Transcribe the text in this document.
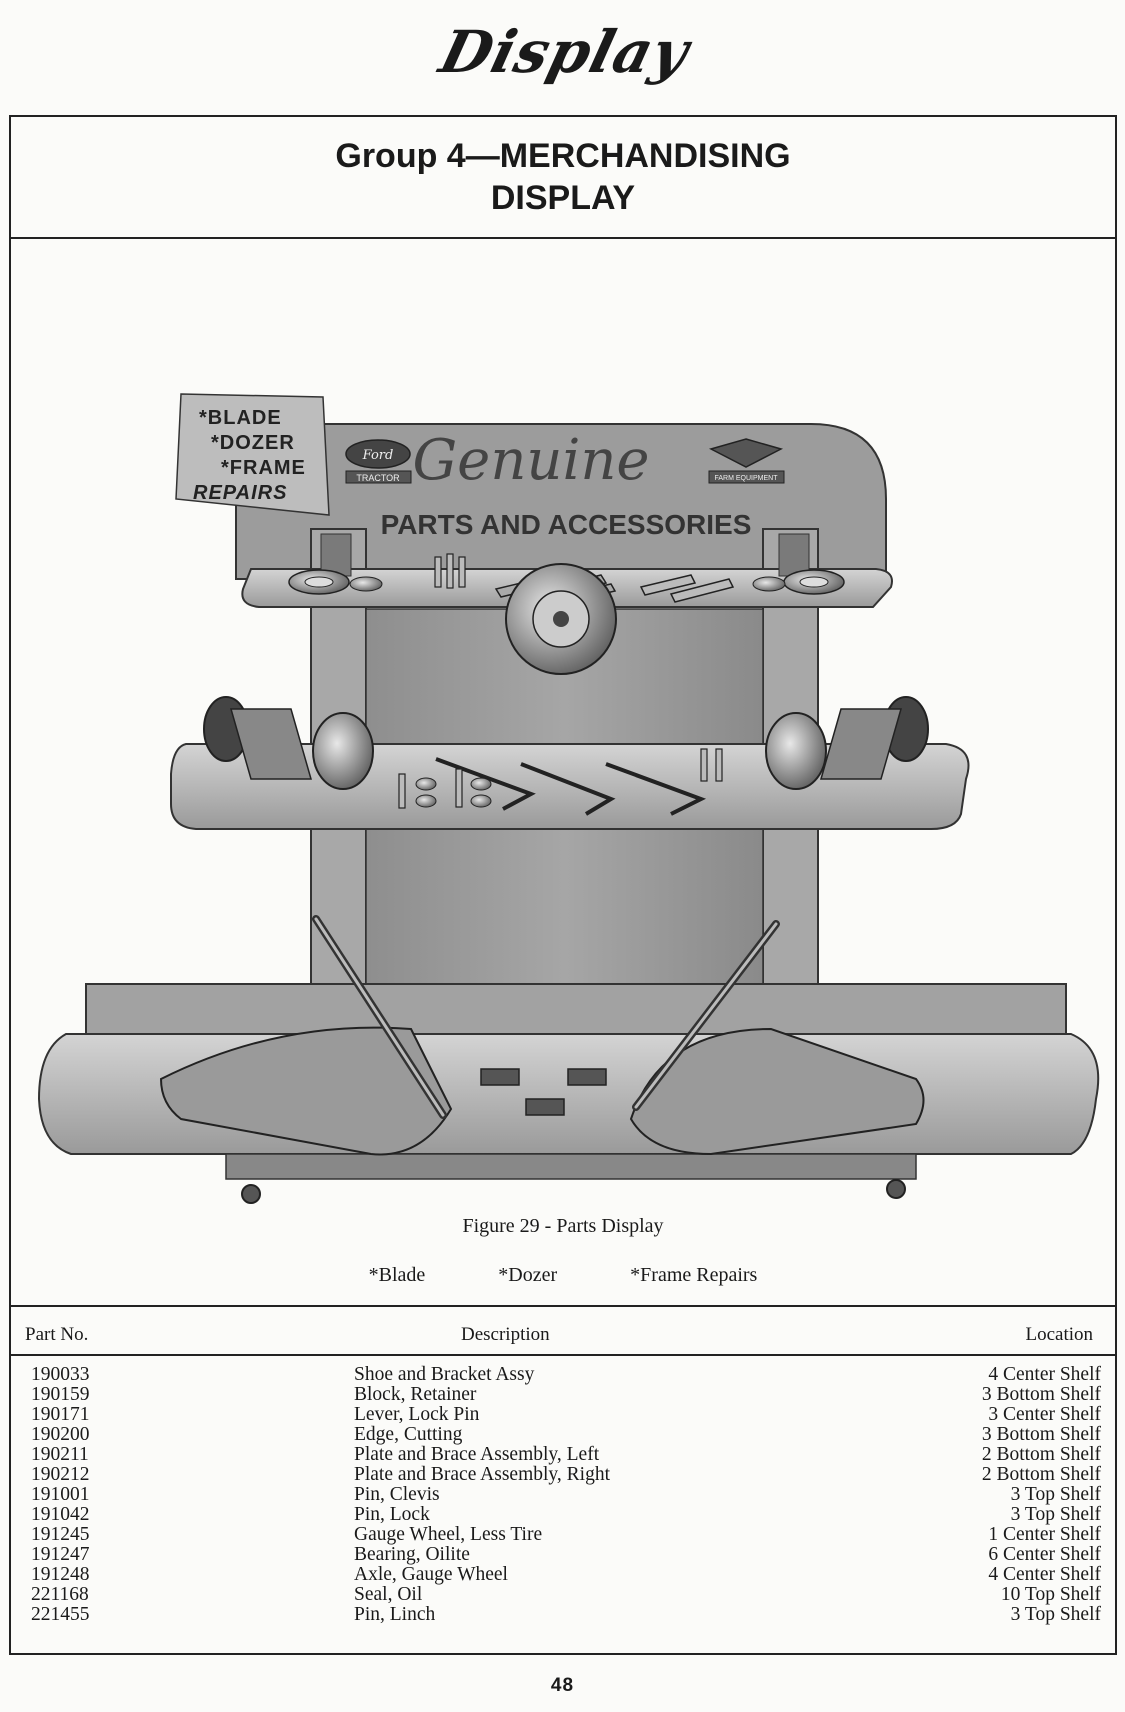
Display
Group 4—MERCHANDISING
DISPLAY
*BLADE
*DOZER
*FRAME
REPAIRS
Ford
TRACTOR	FARM EQUIPMENT
Genuine
PARTS AND ACCESSORIES
Figure 29 - Parts Display
*Blade	*Dozer	*Frame Repairs
Part No.	Description	Location
190033	Shoe and Bracket Assy	4 Center Shelf
190159	Block, Retainer	3 Bottom Shelf
190171	Lever, Lock Pin	3 Center Shelf
190200	Edge, Cutting	3 Bottom Shelf
190211	Plate and Brace Assembly, Left	2 Bottom Shelf
190212	Plate and Brace Assembly, Right	2 Bottom Shelf
191001	Pin, Clevis	3 Top Shelf
191042	Pin, Lock	3 Top Shelf
191245	Gauge Wheel, Less Tire	1 Center Shelf
191247	Bearing, Oilite	6 Center Shelf
191248	Axle, Gauge Wheel	4 Center Shelf
221168	Seal, Oil	10 Top Shelf
221455	Pin, Linch	3 Top Shelf
48
